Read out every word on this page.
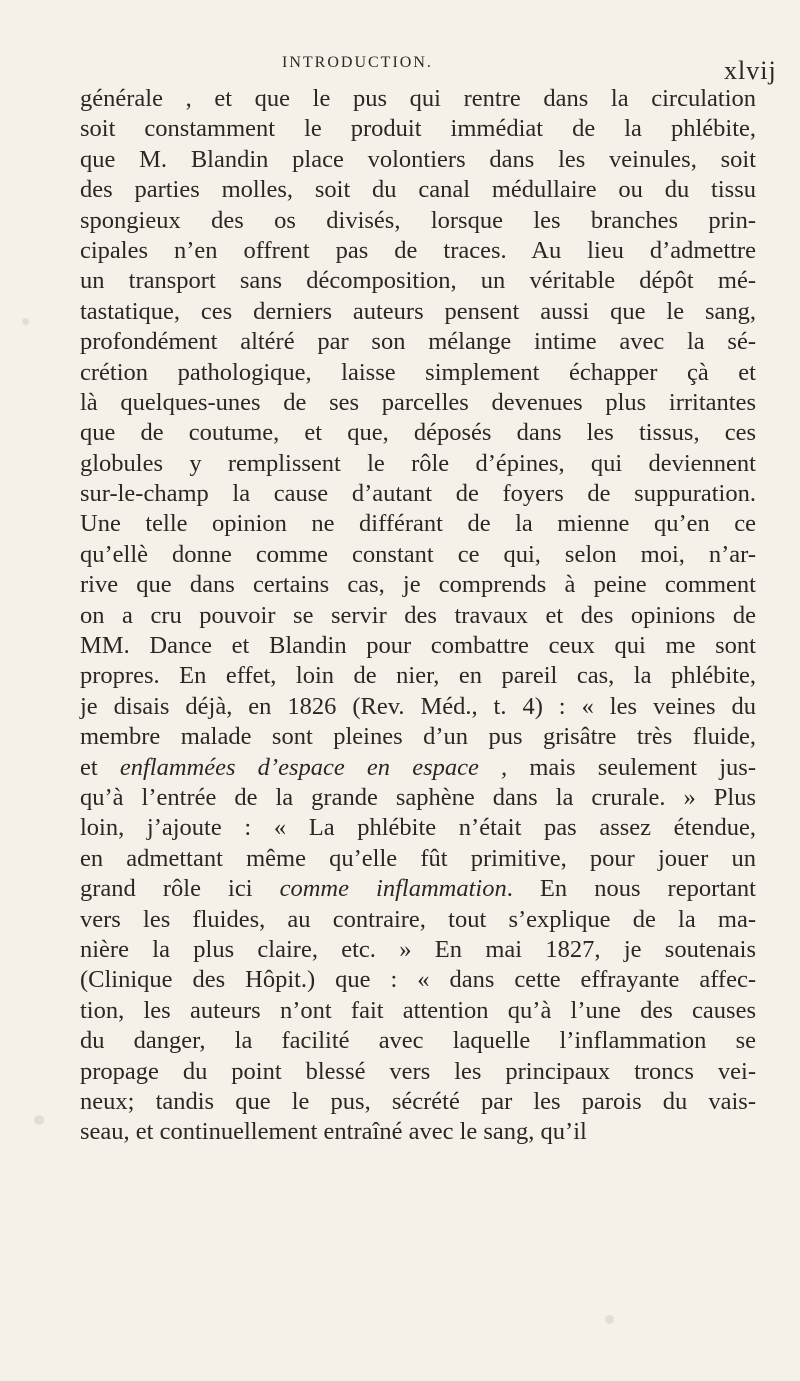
INTRODUCTION.	xlvij
générale , et que le pus qui rentre dans la circulation
soit constamment le produit immédiat de la phlébite,
que M. Blandin place volontiers dans les veinules, soit
des parties molles, soit du canal médullaire ou du tissu
spongieux des os divisés, lorsque les branches prin-
cipales n’en offrent pas de traces. Au lieu d’admettre
un transport sans décomposition, un véritable dépôt mé-
tastatique, ces derniers auteurs pensent aussi que le sang,
profondément altéré par son mélange intime avec la sé-
crétion pathologique, laisse simplement échapper çà et
là quelques-unes de ses parcelles devenues plus irritantes
que de coutume, et que, déposés dans les tissus, ces
globules y remplissent le rôle d’épines, qui deviennent
sur-le-champ la cause d’autant de foyers de suppuration.
Une telle opinion ne différant de la mienne qu’en ce
qu’ellè donne comme constant ce qui, selon moi, n’ar-
rive que dans certains cas, je comprends à peine comment
on a cru pouvoir se servir des travaux et des opinions de
MM. Dance et Blandin pour combattre ceux qui me sont
propres. En effet, loin de nier, en pareil cas, la phlébite,
je disais déjà, en 1826 (Rev. Méd., t. 4) : « les veines du
membre malade sont pleines d’un pus grisâtre très fluide,
et enflammées d’espace en espace , mais seulement jus-
qu’à l’entrée de la grande saphène dans la crurale. » Plus
loin, j’ajoute : « La phlébite n’était pas assez étendue,
en admettant même qu’elle fût primitive, pour jouer un
grand rôle ici comme inflammation. En nous reportant
vers les fluides, au contraire, tout s’explique de la ma-
nière la plus claire, etc. » En mai 1827, je soutenais
(Clinique des Hôpit.) que : « dans cette effrayante affec-
tion, les auteurs n’ont fait attention qu’à l’une des causes
du danger, la facilité avec laquelle l’inflammation se
propage du point blessé vers les principaux troncs vei-
neux; tandis que le pus, sécrété par les parois du vais-
seau, et continuellement entraîné avec le sang, qu’il
